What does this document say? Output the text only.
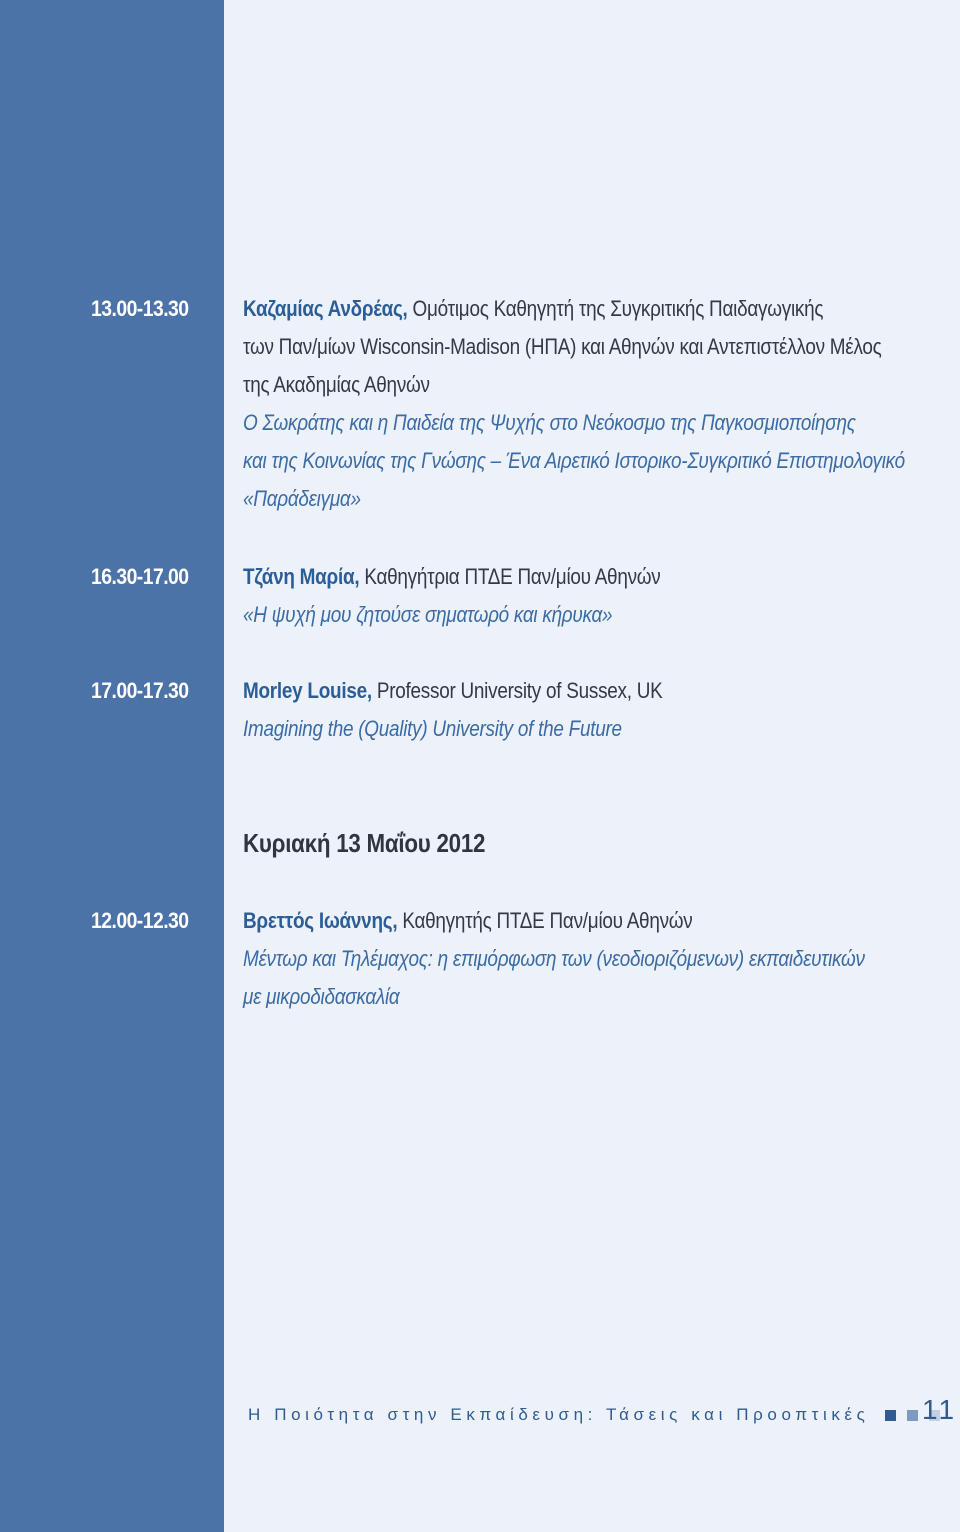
13.00-13.30	Καζαμίας Ανδρέας, Ομότιμος Καθηγητή της Συγκριτικής Παιδαγωγικής
των Παν/μίων Wisconsin-Madison (ΗΠΑ) και Αθηνών και Αντεπιστέλλον Μέλος
της Ακαδημίας Αθηνών
Ο Σωκράτης και η Παιδεία της Ψυχής στο Νεόκοσμο της Παγκοσμιοποίησης
και της Κοινωνίας της Γνώσης – Ένα Αιρετικό Ιστορικο-Συγκριτικό Επιστημολογικό
«Παράδειγμα»
16.30-17.00	Τζάνη Μαρία, Καθηγήτρια ΠΤΔΕ Παν/μίου Αθηνών
«Η ψυχή μου ζητούσε σηματωρό και κήρυκα»
17.00-17.30	Morley Louise, Professor University of Sussex, UK
Imagining the (Quality) University of the Future
Κυριακή 13 Μαΐου 2012
12.00-12.30	Βρεττός Ιωάννης, Καθηγητής ΠΤΔΕ Παν/μίου Αθηνών
Μέντωρ και Τηλέμαχος: η επιμόρφωση των (νεοδιοριζόμενων) εκπαιδευτικών
με μικροδιδασκαλία
Η Ποιότητα στην Εκπαίδευση: Τάσεις και Προοπτικές 11
